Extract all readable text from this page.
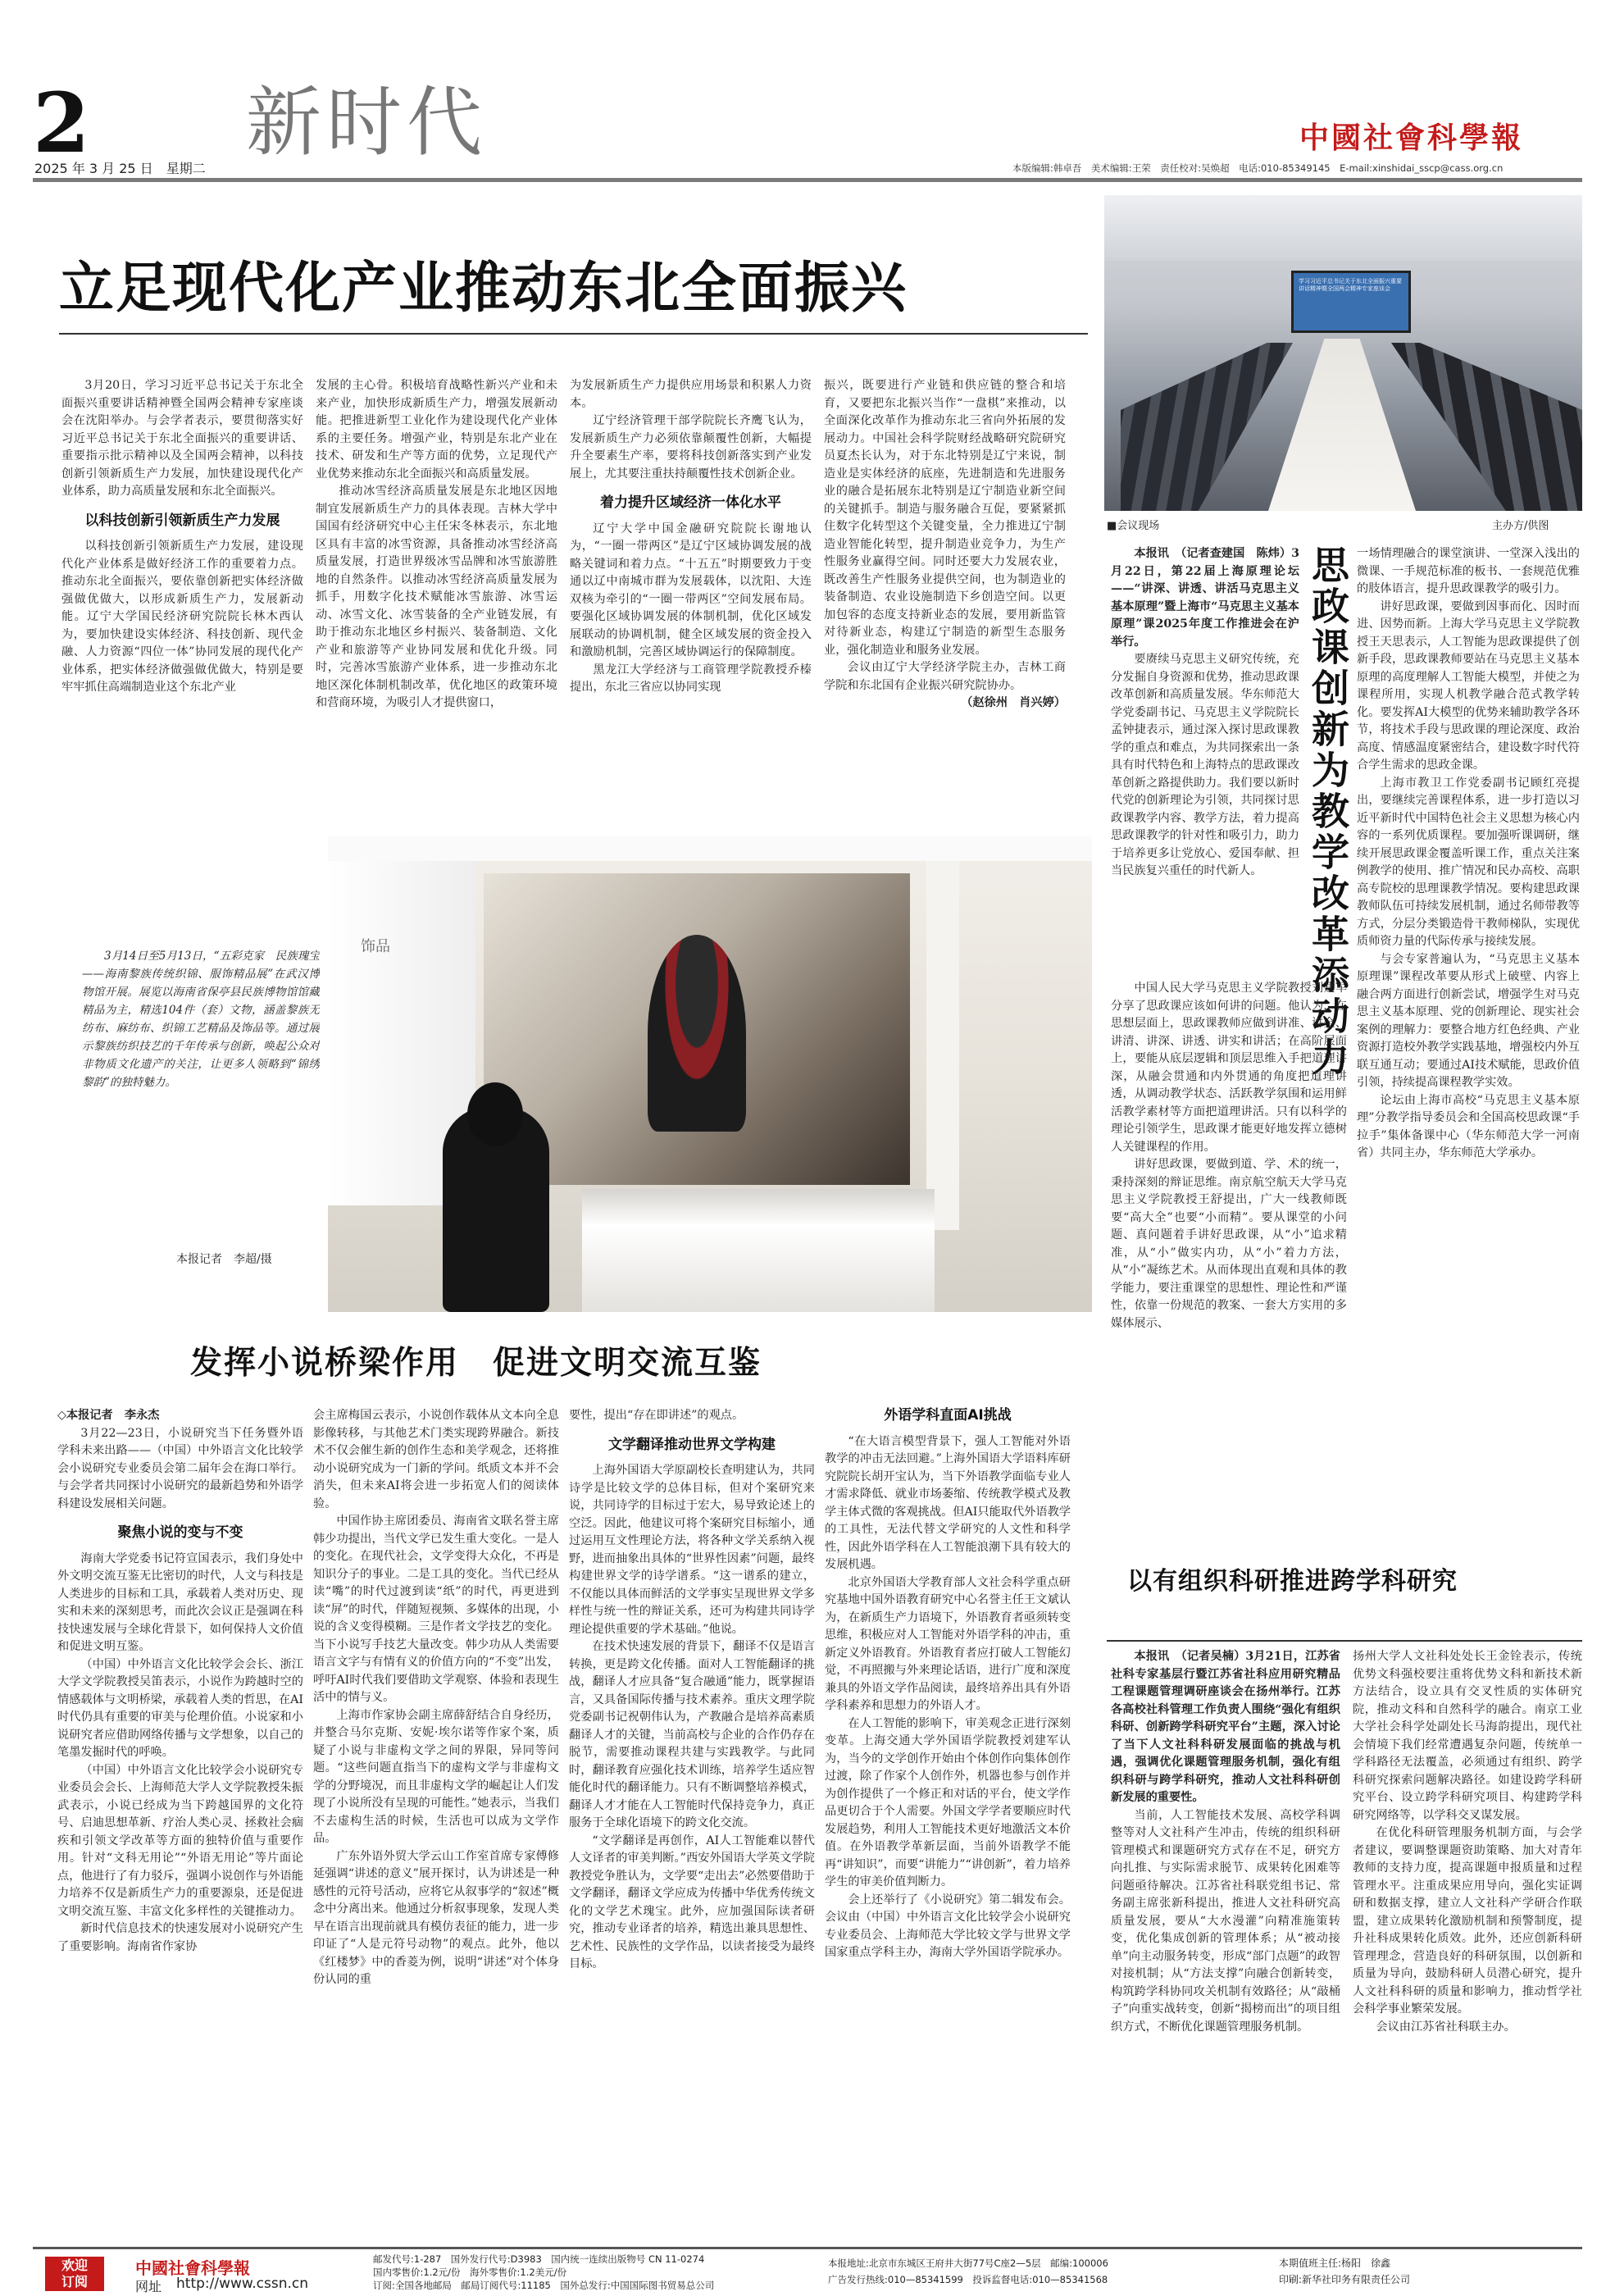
2
2025 年 3 月 25 日　星期二
新时代	中國社會科學報
本版编辑:韩卓吾　美术编辑:王荣　责任校对:吴焕超　电话:010-85349145　E-mail:xinshidai_sscp@cass.org.cn
立足现代化产业推动东北全面振兴

3月20日，学习习近平总书记关于东北全面振兴重要讲话精神暨全国两会精神专家座谈会在沈阳举办。与会学者表示，要贯彻落实好习近平总书记关于东北全面振兴的重要讲话、重要指示批示精神以及全国两会精神，以科技创新引领新质生产力发展，加快建设现代化产业体系，助力高质量发展和东北全面振兴。

以科技创新引领新质生产力发展

以科技创新引领新质生产力发展，建设现代化产业体系是做好经济工作的重要着力点。推动东北全面振兴，要依靠创新把实体经济做强做优做大，以形成新质生产力，发展新动能。辽宁大学国民经济研究院院长林木西认为，要加快建设实体经济、科技创新、现代金融、人力资源“四位一体”协同发展的现代化产业体系，把实体经济做强做优做大，特别是要牢牢抓住高端制造业这个东北产业

发展的主心骨。积极培育战略性新兴产业和未来产业，加快形成新质生产力，增强发展新动能。把推进新型工业化作为建设现代化产业体系的主要任务。增强产业，特别是东北产业在技术、研发和生产等方面的优势，立足现代产业优势来推动东北全面振兴和高质量发展。

推动冰雪经济高质量发展是东北地区因地制宜发展新质生产力的具体表现。吉林大学中国国有经济研究中心主任宋冬林表示，东北地区具有丰富的冰雪资源，具备推动冰雪经济高质量发展，打造世界级冰雪品牌和冰雪旅游胜地的自然条件。以推动冰雪经济高质量发展为抓手，用数字化技术赋能冰雪旅游、冰雪运动、冰雪文化、冰雪装备的全产业链发展，有助于推动东北地区乡村振兴、装备制造、文化产业和旅游等产业协同发展和优化升级。同时，完善冰雪旅游产业体系，进一步推动东北地区深化体制机制改革，优化地区的政策环境和营商环境，为吸引人才提供窗口，

为发展新质生产力提供应用场景和积累人力资本。

辽宁经济管理干部学院院长齐鹰飞认为，发展新质生产力必须依靠颠覆性创新，大幅提升全要素生产率，要将科技创新落实到产业发展上，尤其要注重扶持颠覆性技术创新企业。

着力提升区域经济一体化水平

辽宁大学中国金融研究院院长谢地认为，“一圈一带两区”是辽宁区域协调发展的战略关键词和着力点。“十五五”时期要致力于变通以辽中南城市群为发展载体，以沈阳、大连双核为牵引的“一圈一带两区”空间发展布局。要强化区域协调发展的体制机制，优化区域发展联动的协调机制，健全区域发展的资金投入和激励机制，完善区域协调运行的保障制度。

黑龙江大学经济与工商管理学院教授乔榛提出，东北三省应以协同实现

振兴，既要进行产业链和供应链的整合和培育，又要把东北振兴当作“一盘棋”来推动，以全面深化改革作为推动东北三省向外拓展的发展动力。中国社会科学院财经战略研究院研究员夏杰长认为，对于东北特别是辽宁来说，制造业是实体经济的底座，先进制造和先进服务业的融合是拓展东北特别是辽宁制造业新空间的关键抓手。制造与服务融合互促，要紧紧抓住数字化转型这个关键变量，全力推进辽宁制造业智能化转型，提升制造业竞争力，为生产性服务业赢得空间。同时还要大力发展农业，既改善生产性服务业提供空间，也为制造业的装备制造、农业设施制造下乡创造空间。以更加包容的态度支持新业态的发展，要用新监管对待新业态，构建辽宁制造的新型生态服务业，强化制造业和服务业发展。

会议由辽宁大学经济学院主办，吉林工商学院和东北国有企业振兴研究院协办。

（赵徐州　肖兴婷）

学习习近平总书记关于东北全面振兴重要讲话精神暨全国两会精神专家座谈会
■会议现场	主办方/供图
思政课创新为教学改革添动力

本报讯　（记者查建国　陈炜）3月22日，第22届上海原理论坛——“讲深、讲透、讲活马克思主义基本原理”暨上海市“马克思主义基本原理”课2025年度工作推进会在沪举行。

要赓续马克思主义研究传统，充分发掘自身资源和优势，推动思政课改革创新和高质量发展。华东师范大学党委副书记、马克思主义学院院长孟钟捷表示，通过深入探讨思政课教学的重点和难点，为共同探索出一条具有时代特色和上海特点的思政课改革创新之路提供助力。我们要以新时代党的创新理论为引领，共同探讨思政课教学内容、教学方法，着力提高思政课教学的针对性和吸引力，助力于培养更多让党放心、爱国奉献、担当民族复兴重任的时代新人。

中国人民大学马克思主义学院教授刘建军分享了思政课应该如何讲的问题。他认为，在思想层面上，思政课教师应做到讲准、讲全、讲清、讲深、讲透、讲实和讲活；在高阶层面上，要能从底层逻辑和顶层思维入手把道理讲深，从融会贯通和内外贯通的角度把道理讲透，从调动教学状态、活跃教学氛围和运用鲜活教学素材等方面把道理讲活。只有以科学的理论引领学生，思政课才能更好地发挥立德树人关键课程的作用。

讲好思政课，要做到道、学、术的统一，秉持深刻的辩证思维。南京航空航天大学马克思主义学院教授王舒提出，广大一线教师既要“高大全”也要“小而精”。要从课堂的小问题、真问题着手讲好思政课，从“小”追求精准，从“小”做实内功，从“小”着力方法，从“小”凝练艺术。从而体现出直观和具体的教学能力，要注重课堂的思想性、理论性和严谨性，依靠一份规范的教案、一套大方实用的多媒体展示、

一场情理融合的课堂演讲、一堂深入浅出的微课、一手规范标准的板书、一套规范优雅的肢体语言，提升思政课教学的吸引力。

讲好思政课，要做到因事而化、因时而进、因势而新。上海大学马克思主义学院教授王天思表示，人工智能为思政课提供了创新手段，思政课教师要站在马克思主义基本原理的高度理解人工智能大模型，并使之为课程所用，实现人机教学融合范式教学转化。要发挥AI大模型的优势来辅助教学各环节，将技术手段与思政课的理论深度、政治高度、情感温度紧密结合，建设数字时代符合学生需求的思政金课。

上海市教卫工作党委副书记顾红亮提出，要继续完善课程体系，进一步打造以习近平新时代中国特色社会主义思想为核心内容的一系列优质课程。要加强听课调研，继续开展思政课金覆盖听课工作，重点关注案例教学的使用、推广情况和民办高校、高职高专院校的思理课教学情况。要构建思政课教师队伍可持续发展机制，通过名师带教等方式，分层分类锻造骨干教师梯队，实现优质师资力量的代际传承与接续发展。

与会专家普遍认为，“马克思主义基本原理课”课程改革要从形式上破壁、内容上融合两方面进行创新尝试，增强学生对马克思主义基本原理、党的创新理论、现实社会案例的理解力：要整合地方红色经典、产业资源打造校外教学实践基地，增强校内外互联互通互动；要通过AI技术赋能，思政价值引领，持续提高课程教学实效。

论坛由上海市高校“马克思主义基本原理”分教学指导委员会和全国高校思政课“手拉手”集体备课中心（华东师范大学一河南省）共同主办，华东师范大学承办。

饰品

3月14日至5月13日，“五彩克家　民族瑰宝——海南黎族传统织锦、服饰精品展”在武汉博物馆开展。展览以海南省保亭县民族博物馆馆藏精品为主，精选104件（套）文物，涵盖黎族无纺布、麻纺布、织锦工艺精品及饰品等。通过展示黎族纺织技艺的千年传承与创新，唤起公众对非物质文化遗产的关注，让更多人领略到“锦绣黎韵”的独特魅力。

本报记者　李超/摄
发挥小说桥梁作用　促进文明交流互鉴

◇本报记者　李永杰

3月22—23日，小说研究当下任务暨外语学科未来出路——（中国）中外语言文化比较学会小说研究专业委员会第二届年会在海口举行。与会学者共同探讨小说研究的最新趋势和外语学科建设发展相关问题。

聚焦小说的变与不变

海南大学党委书记符宣国表示，我们身处中外文明交流互鉴无比密切的时代，人文与科技是人类进步的目标和工具，承载着人类对历史、现实和未来的深刻思考，而此次会议正是强调在科技快速发展与全球化背景下，如何保持人文价值和促进文明互鉴。

（中国）中外语言文化比较学会会长、浙江大学文学院教授吴笛表示，小说作为跨越时空的情感载体与文明桥梁，承载着人类的哲思，在AI时代仍具有重要的审美与伦理价值。小说家和小说研究者应借助网络传播与文学想象，以自己的笔墨发掘时代的呼唤。

（中国）中外语言文化比较学会小说研究专业委员会会长、上海师范大学人文学院教授朱振武表示，小说已经成为当下跨越国界的文化符号、启迪思想革新、疗治人类心灵、拯救社会痼疾和引领文学改革等方面的独特价值与重要作用。针对“文科无用论”“外语无用论”等片面论点，他进行了有力驳斥，强调小说创作与外语能力培养不仅是新质生产力的重要源泉，还是促进文明交流互鉴、丰富文化多样性的关键推动力。

新时代信息技术的快速发展对小说研究产生了重要影响。海南省作家协

会主席梅国云表示，小说创作载体从文本向全息影像转移，与其他艺术门类实现跨界融合。新技术不仅会催生新的创作生态和美学观念，还将推动小说研究成为一门新的学问。纸质文本并不会消失，但未来AI将会进一步拓宽人们的阅读体验。

中国作协主席团委员、海南省文联名誉主席韩少功提出，当代文学已发生重大变化。一是人的变化。在现代社会，文学变得大众化，不再是知识分子的事业。二是工具的变化。当代已经从读“嘴”的时代过渡到读“纸”的时代，再更进到读“屏”的时代，伴随短视频、多媒体的出现，小说的含义变得模糊。三是作者文学技艺的变化。当下小说写手技艺大量改变。韩少功从人类需要语言文字与有情有义的价值方向的“不变”出发，呼吁AI时代我们要借助文学观察、体验和表现生活中的情与义。

上海市作家协会副主席薛舒结合自身经历，并整合马尔克斯、安妮·埃尔诺等作家个案，质疑了小说与非虚构文学之间的界限，异同等问题。“这些问题直指当下的虚构文学与非虚构文学的分野境况，而且非虚构文学的崛起让人们发现了小说所没有呈现的可能性。”她表示，当我们不去虚构生活的时候，生活也可以成为文学作品。

广东外语外贸大学云山工作室首席专家傅修延强调“讲述的意义”展开探讨，认为讲述是一种感性的元符号活动，应将它从叙事学的“叙述”概念中分离出来。他通过分析叙事现象，发现人类早在语言出现前就具有模仿表征的能力，进一步印证了“人是元符号动物”的观点。此外，他以《红楼梦》中的香菱为例，说明“讲述”对个体身份认同的重

要性，提出“存在即讲述”的观点。

文学翻译推动世界文学构建

上海外国语大学原副校长查明建认为，共同诗学是比较文学的总体目标，但对个案研究来说，共同诗学的目标过于宏大，易导致论述上的空泛。因此，他建议可将个案研究目标缩小，通过运用互文性理论方法，将各种文学关系纳入视野，进而抽象出具体的“世界性因素”问题，最终构建世界文学的诗学谱系。“这一谱系的建立，不仅能以具体而鲜活的文学事实呈现世界文学多样性与统一性的辩证关系，还可为构建共同诗学理论提供重要的学术基础。”他说。

在技术快速发展的背景下，翻译不仅是语言转换，更是跨文化传播。面对人工智能翻译的挑战，翻译人才应具备“复合融通”能力，既掌握语言，又具备国际传播与技术素养。重庆文理学院党委副书记祝朝伟认为，产教融合是培养高素质翻译人才的关键，当前高校与企业的合作仍存在脱节，需要推动课程共建与实践教学。与此同时，翻译教育应强化技术训练，培养学生适应智能化时代的翻译能力。只有不断调整培养模式，翻译人才才能在人工智能时代保持竞争力，真正服务于全球化语境下的跨文化交流。

“文学翻译是再创作，AI人工智能难以替代人文译者的审美判断。”西安外国语大学英文学院教授党争胜认为，文学要“走出去”必然要借助于文学翻译，翻译文学应成为传播中华优秀传统文化的文学艺术瑰宝。此外，应加强国际读者研究，推动专业译者的培养，精选出兼具思想性、艺术性、民族性的文学作品，以读者接受为最终目标。

外语学科直面AI挑战

“在大语言模型背景下，强人工智能对外语教学的冲击无法回避。”上海外国语大学语料库研究院院长胡开宝认为，当下外语教学面临专业人才需求降低、就业市场萎缩、传统教学模式及教学主体式微的客观挑战。但AI只能取代外语教学的工具性，无法代替文学研究的人文性和科学性，因此外语学科在人工智能浪潮下具有较大的发展机遇。

北京外国语大学教育部人文社会科学重点研究基地中国外语教育研究中心名誉主任王文斌认为，在新质生产力语境下，外语教育者亟须转变思维，积极应对人工智能对外语学科的冲击，重新定义外语教育。外语教育者应打破人工智能幻觉，不再照搬与外来理论话语，进行广度和深度兼具的外语文学作品阅读，最终培养出具有外语学科素养和思想力的外语人才。

在人工智能的影响下，审美观念正进行深刻变革。上海交通大学外国语学院教授刘建军认为，当今的文学创作开始由个体创作向集体创作过渡，除了作家个人创作外，机器也参与创作并为创作提供了一个修正和对话的平台，使文学作品更切合于个人需要。外国文学学者要顺应时代发展趋势，利用人工智能技术更好地激活文本价值。在外语教学革新层面，当前外语教学不能再“讲知识”，而要“讲能力”“讲创新”，着力培养学生的审美价值判断力。

会上还举行了《小说研究》第二辑发布会。会议由（中国）中外语言文化比较学会小说研究专业委员会、上海师范大学比较文学与世界文学国家重点学科主办，海南大学外国语学院承办。

以有组织科研推进跨学科研究

本报讯　（记者吴楠）3月21日，江苏省社科专家基层行暨江苏省社科应用研究精品工程课题管理调研座谈会在扬州举行。江苏各高校社科管理工作负责人围绕“强化有组织科研、创新跨学科研究平台”主题，深入讨论了当下人文社科科研发展面临的挑战与机遇，强调优化课题管理服务机制，强化有组织科研与跨学科研究，推动人文社科科研创新发展的重要性。

当前，人工智能技术发展、高校学科调整等对人文社科产生冲击，传统的组织科研管理模式和课题研究方式存在不足，研究方向扎推、与实际需求脱节、成果转化困难等问题亟待解决。江苏省社科联党组书记、常务副主席张新科提出，推进人文社科研究高质量发展，要从“大水漫灌”向精准施策转变，优化集成创新的管理体系；从“被动接单”向主动服务转变，形成“部门点题”的政智对接机制；从“方法支撑”向融合创新转变，构筑跨学科协同攻关机制有效路径；从“敲桶子”向重实战转变，创新“揭榜而出”的项目组织方式，不断优化课题管理服务机制。

扬州大学人文社科处处长王金铨表示，传统优势文科强校要注重将优势文科和新技术新方法结合，设立具有交叉性质的实体研究院，推动文科和自然科学的融合。南京工业大学社会科学处副处长马海韵提出，现代社会情境下我们经常遭遇复杂问题，传统单一学科路径无法覆盖，必须通过有组织、跨学科研究探索问题解决路径。如建设跨学科研究平台、设立跨学科研究项目、构建跨学科研究网络等，以学科交叉谋发展。

在优化科研管理服务机制方面，与会学者建议，要调整课题资助策略、加大对青年教师的支持力度，提高课题申报质量和过程管理水平。注重成果应用导向，强化实证调研和数据支撑，建立人文社科产学研合作联盟，建立成果转化激励机制和预警制度，提升社科成果转化质效。此外，还应创新科研管理理念，营造良好的科研氛围，以创新和质量为导向，鼓励科研人员潜心研究，提升人文社科科研的质量和影响力，推动哲学社会科学事业繁荣发展。

会议由江苏省社科联主办。

欢迎
订阅
中國社會科學報
网址 http://www.cssn.cn
邮发代号:1-287　国外发行代号:D3983　国内统一连续出版物号 CN 11-0274
国内零售价:1.2元/份　海外零售价:1.2美元/份
订阅:全国各地邮局　邮局订阅代号:11185　国外总发行:中国国际图书贸易总公司
本报地址:北京市东城区王府井大街77号C座2—5层　邮编:100006
广告发行热线:010—85341599　投诉监督电话:010—85341568
本期值班主任:杨阳　徐鑫
印刷:新华社印务有限责任公司
